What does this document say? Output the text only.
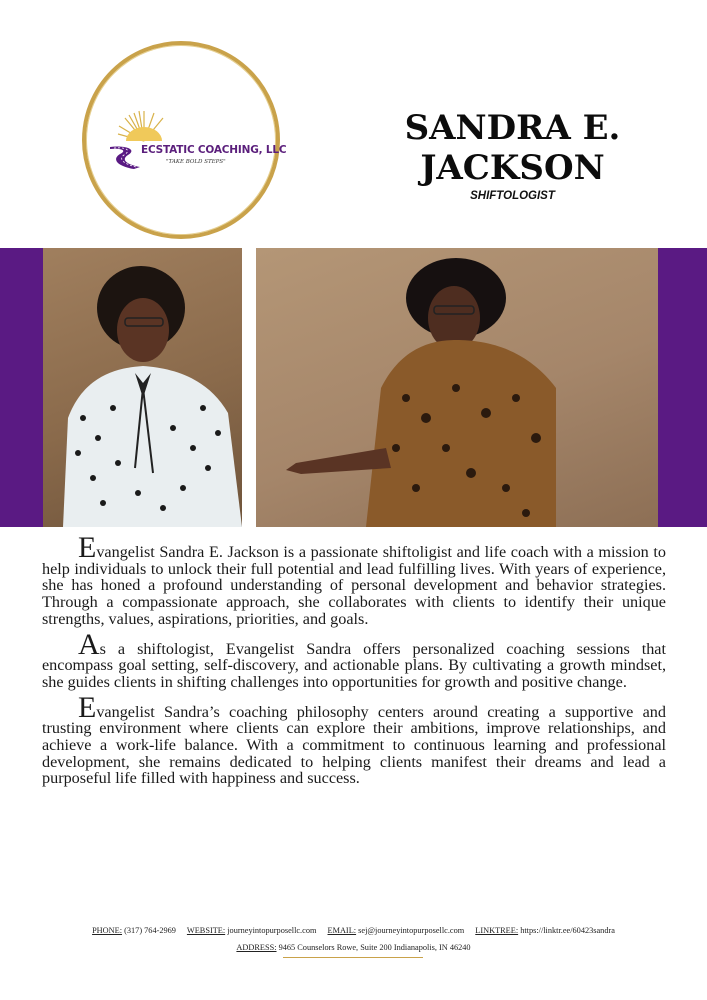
ECSTATIC COACHING, LLC
"TAKE BOLD STEPS"
SANDRA E.
JACKSON
SHIFTOLOGIST

Evangelist Sandra E. Jackson is a passionate shiftoligist and life coach with a mission to help individuals to unlock their full potential and lead fulfilling lives. With years of experience, she has honed a profound understanding of personal development and behavior strategies. Through a compassionate approach, she collaborates with clients to identify their unique strengths, values, aspirations, priorities, and goals.

As a shiftologist, Evangelist Sandra offers personalized coaching sessions that encompass goal setting, self-discovery, and actionable plans. By cultivating a growth mindset, she guides clients in shifting challenges into opportunities for growth and positive change.

Evangelist Sandra’s coaching philosophy centers around creating a supportive and trusting environment where clients can explore their ambitions, improve relationships, and achieve a work-life balance. With a commitment to continuous learning and professional development, she remains dedicated to helping clients manifest their dreams and lead a purposeful life filled with happiness and success.

PHONE: (317) 764-2969 WEBSITE: journeyintopurposellc.com EMAIL: sej@journeyintopurposellc.com LINKTREE: https://linktr.ee/60423sandra
ADDRESS: 9465 Counselors Rowe, Suite 200 Indianapolis, IN 46240
